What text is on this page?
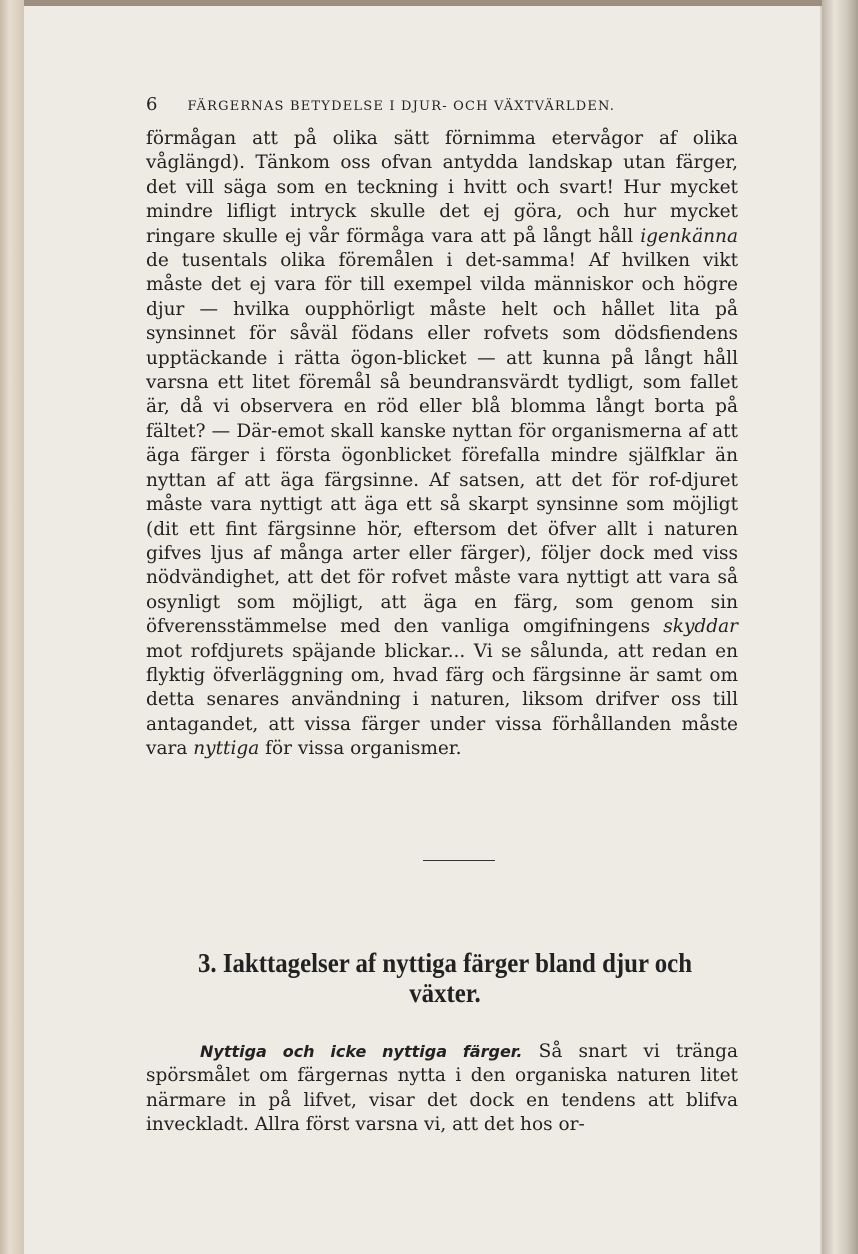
6 FÄRGERNAS BETYDELSE I DJUR- OCH VÄXTVÄRLDEN.
förmågan att på olika sätt förnimma etervågor af olika våglängd). Tänkom oss ofvan antydda landskap utan färger, det vill säga som en teckning i hvitt och svart! Hur mycket mindre lifligt intryck skulle det ej göra, och hur mycket ringare skulle ej vår förmåga vara att på långt håll igenkänna de tusentals olika föremålen i det-samma! Af hvilken vikt måste det ej vara för till exempel vilda människor och högre djur — hvilka oupphörligt måste helt och hållet lita på synsinnet för såväl födans eller rofvets som dödsfiendens upptäckande i rätta ögon-blicket — att kunna på långt håll varsna ett litet föremål så beundransvärdt tydligt, som fallet är, då vi observera en röd eller blå blomma långt borta på fältet? — Där-emot skall kanske nyttan för organismerna af att äga färger i första ögonblicket förefalla mindre själfklar än nyttan af att äga färgsinne. Af satsen, att det för rof-djuret måste vara nyttigt att äga ett så skarpt synsinne som möjligt (dit ett fint färgsinne hör, eftersom det öfver allt i naturen gifves ljus af många arter eller färger), följer dock med viss nödvändighet, att det för rofvet måste vara nyttigt att vara så osynligt som möjligt, att äga en färg, som genom sin öfverensstämmelse med den vanliga omgifningens skyddar mot rofdjurets späjande blickar... Vi se sålunda, att redan en flyktig öfverläggning om, hvad färg och färgsinne är samt om detta senares användning i naturen, liksom drifver oss till antagandet, att vissa färger under vissa förhållanden måste vara nyttiga för vissa organismer.
3. Iakttagelser af nyttiga färger bland djur och växter.
Nyttiga och icke nyttiga färger. Så snart vi tränga spörsmålet om färgernas nytta i den organiska naturen litet närmare in på lifvet, visar det dock en tendens att blifva inveckladt. Allra först varsna vi, att det hos or-
